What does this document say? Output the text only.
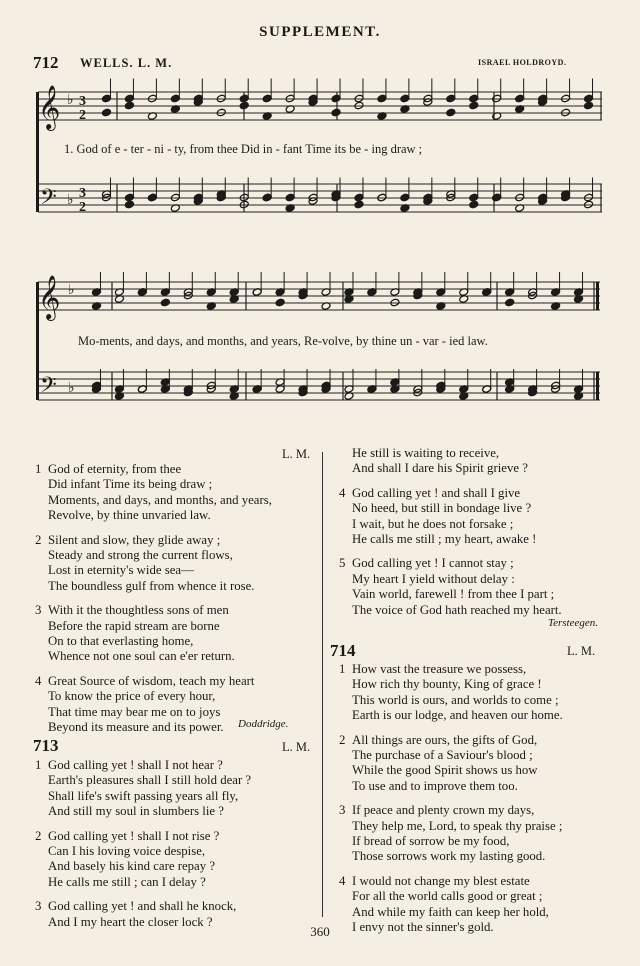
SUPPLEMENT.
712 WELLS. L. M.	ISRAEL HOLDROYD.
𝄞
𝄢
♭
♭
3
2
3
2
𝄞
𝄢
♭
♭
1. God of e - ter - ni - ty, from thee Did in - fant Time its be - ing draw ;
Mo-ments, and days, and months, and years, Re-volve, by thine un - var - ied law.
L. M.
1 God of eternity, from thee
Did infant Time its being draw ;
Moments, and days, and months, and years,
Revolve, by thine unvaried law.
2 Silent and slow, they glide away ;
Steady and strong the current flows,
Lost in eternity's wide sea—
The boundless gulf from whence it rose.
3 With it the thoughtless sons of men
Before the rapid stream are borne
On to that everlasting home,
Whence not one soul can e'er return.
4 Great Source of wisdom, teach my heart
To know the price of every hour,
That time may bear me on to joys
Beyond its measure and its power.	Doddridge.
713	L. M.
1 God calling yet ! shall I not hear ?
Earth's pleasures shall I still hold dear ?
Shall life's swift passing years all fly,
And still my soul in slumbers lie ?
2 God calling yet ! shall I not rise ?
Can I his loving voice despise,
And basely his kind care repay ?
He calls me still ; can I delay ?
3 God calling yet ! and shall he knock,
And I my heart the closer lock ?
He still is waiting to receive,
And shall I dare his Spirit grieve ?
4 God calling yet ! and shall I give
No heed, but still in bondage live ?
I wait, but he does not forsake ;
He calls me still ; my heart, awake !
5 God calling yet ! I cannot stay ;
My heart I yield without delay :
Vain world, farewell ! from thee I part ;
The voice of God hath reached my heart.
Tersteegen.
714	L. M.
1 How vast the treasure we possess,
How rich thy bounty, King of grace !
This world is ours, and worlds to come ;
Earth is our lodge, and heaven our home.
2 All things are ours, the gifts of God,
The purchase of a Saviour's blood ;
While the good Spirit shows us how
To use and to improve them too.
3 If peace and plenty crown my days,
They help me, Lord, to speak thy praise ;
If bread of sorrow be my food,
Those sorrows work my lasting good.
4 I would not change my blest estate
For all the world calls good or great ;
And while my faith can keep her hold,
I envy not the sinner's gold.
360
